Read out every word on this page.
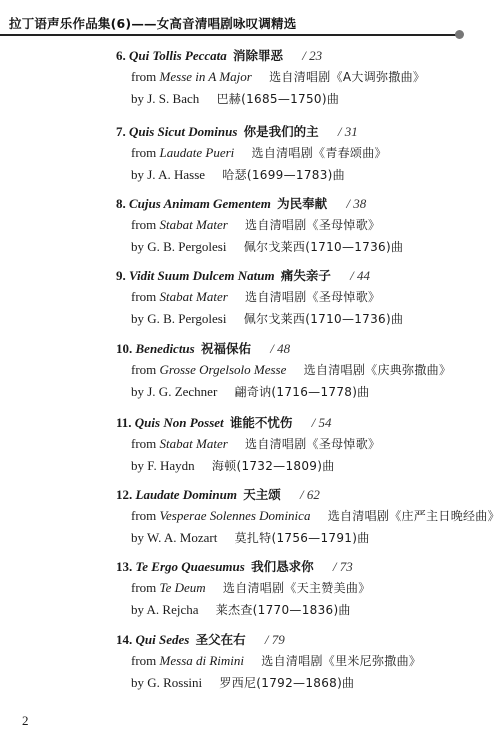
拉丁语声乐作品集(6)——女高音清唱剧咏叹调精选
6. Qui Tollis Peccata 消除罪恶 / 23
from Messe in A Major 选自清唱剧《A大调弥撒曲》
by J. S. Bach 巴赫(1685—1750)曲
7. Quis Sicut Dominus 你是我们的主 / 31
from Laudate Pueri 选自清唱剧《青春颂曲》
by J. A. Hasse 哈瑟(1699—1783)曲
8. Cujus Animam Gementem 为民奉献 / 38
from Stabat Mater 选自清唱剧《圣母悼歌》
by G. B. Pergolesi 佩尔戈莱西(1710—1736)曲
9. Vidit Suum Dulcem Natum 痛失亲子 / 44
from Stabat Mater 选自清唱剧《圣母悼歌》
by G. B. Pergolesi 佩尔戈莱西(1710—1736)曲
10. Benedictus 祝福保佑 / 48
from Grosse Orgelsolo Messe 选自清唱剧《庆典弥撒曲》
by J. G. Zechner 翩奇讷(1716—1778)曲
11. Quis Non Posset 谁能不忧伤 / 54
from Stabat Mater 选自清唱剧《圣母悼歌》
by F. Haydn 海顿(1732—1809)曲
12. Laudate Dominum 天主颂 / 62
from Vesperae Solennes Dominica 选自清唱剧《庄严主日晚经曲》
by W. A. Mozart 莫扎特(1756—1791)曲
13. Te Ergo Quaesumus 我们恳求你 / 73
from Te Deum 选自清唱剧《天主赞美曲》
by A. Rejcha 莱杰查(1770—1836)曲
14. Qui Sedes 圣父在右 / 79
from Messa di Rimini 选自清唱剧《里米尼弥撒曲》
by G. Rossini 罗西尼(1792—1868)曲
2
